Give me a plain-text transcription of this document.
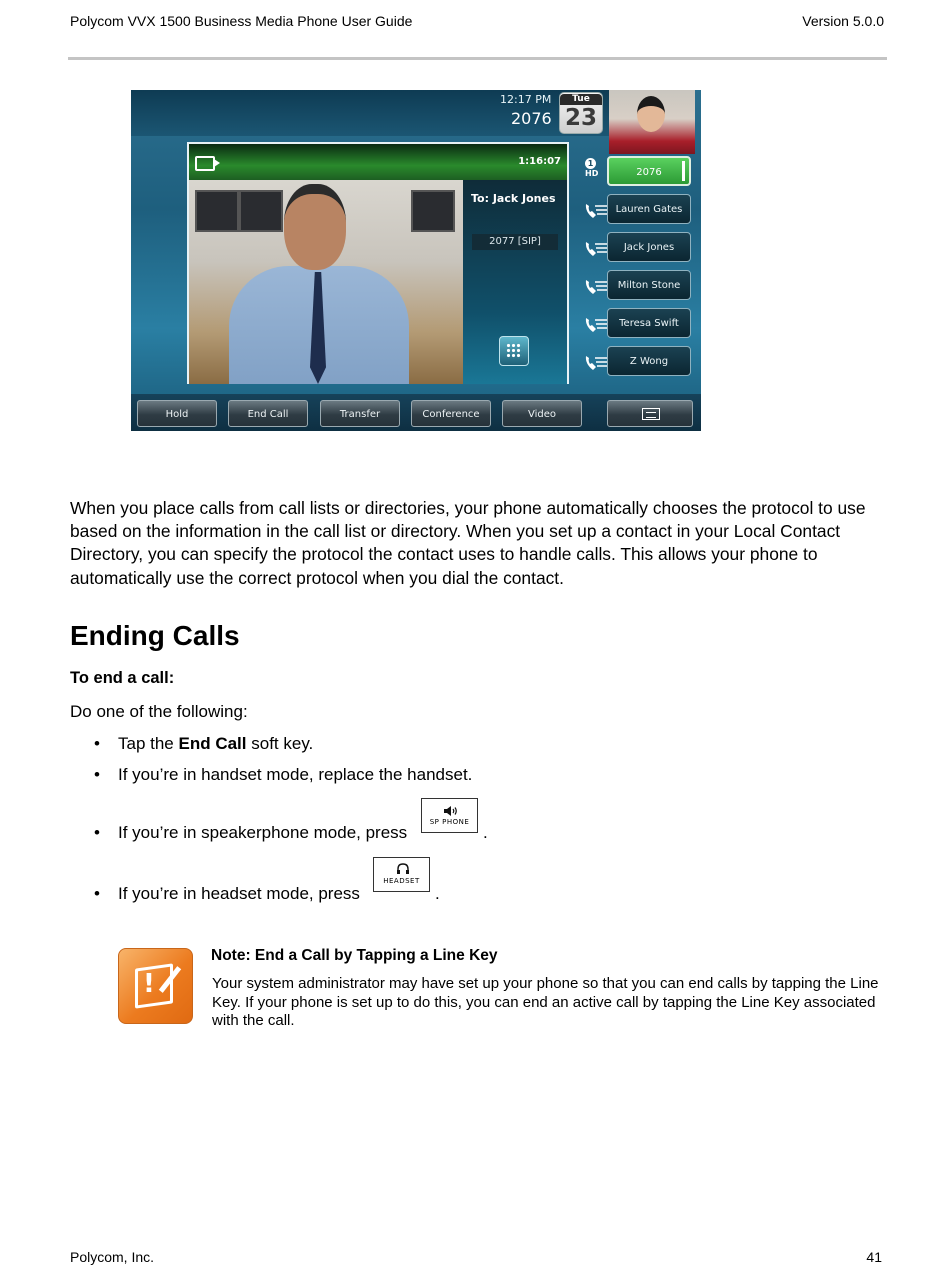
Polycom VVX 1500 Business Media Phone User Guide	Version 5.0.0
12:17 PM
2076
Tue
23
1:16:07
To: Jack Jones
2077 [SIP]
1
HD	2076
Lauren Gates
Jack Jones
Milton Stone
Teresa Swift
Z Wong
Hold	End Call	Transfer	Conference	Video

When you place calls from call lists or directories, your phone automatically chooses the protocol to use based on the information in the call list or directory. When you set up a contact in your Local Contact Directory, you can specify the protocol the contact uses to handle calls. This allows your phone to automatically use the correct protocol when you dial the contact.

Ending Calls
To end a call:
Do one of the following:
• Tap the End Call soft key.
• If you’re in handset mode, replace the handset.
• If you’re in speakerphone mode, press
SP PHONE
.
• If you’re in headset mode, press
HEADSET
.
!
Note: End a Call by Tapping a Line Key
Your system administrator may have set up your phone so that you can end calls by tapping the Line Key. If your phone is set up to do this, you can end an active call by tapping the Line Key associated with the call.
Polycom, Inc.	41
